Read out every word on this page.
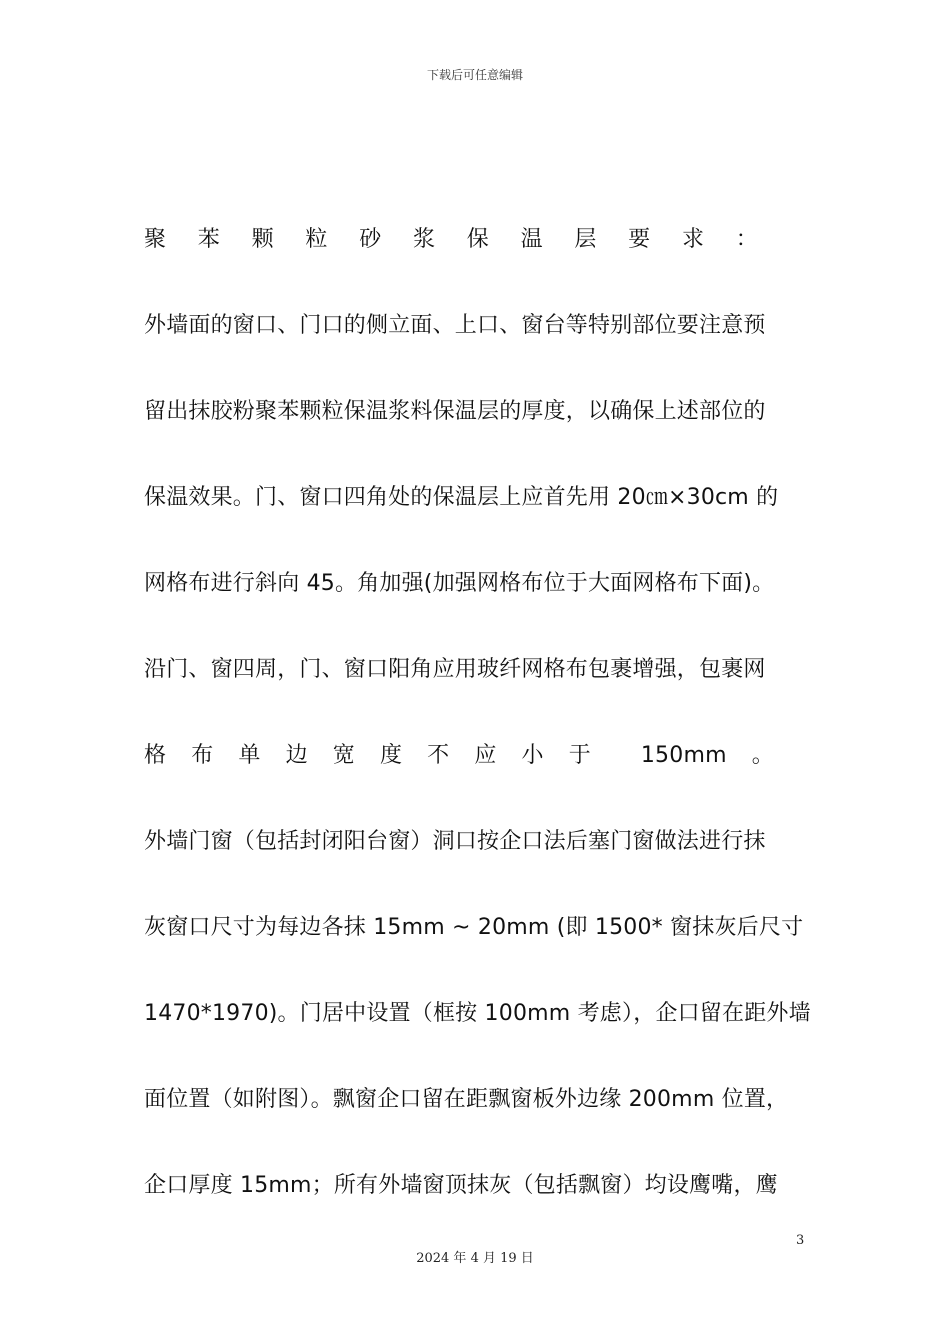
下载后可任意编辑
聚 苯 颗 粒 砂 浆 保 温 层 要 求 ：
外墙面的窗口、门口的侧立面、上口、窗台等特别部位要注意预
留出抹胶粉聚苯颗粒保温浆料保温层的厚度，以确保上述部位的
保温效果。门、窗口四角处的保温层上应首先用 20㎝×30cm 的
网格布进行斜向 45。角加强(加强网格布位于大面网格布下面)。
沿门、窗四周，门、窗口阳角应用玻纤网格布包裹增强，包裹网
格 布 单 边 宽 度 不 应 小 于 150mm 。
外墙门窗（包括封闭阳台窗）洞口按企口法后塞门窗做法进行抹
灰窗口尺寸为每边各抹 15mm ~ 20mm (即 1500* 窗抹灰后尺寸
1470*1970)。门居中设置（框按 100mm 考虑），企口留在距外墙
面位置（如附图）。飘窗企口留在距飘窗板外边缘 200mm 位置，
企口厚度 15mm；所有外墙窗顶抹灰（包括飘窗）均设鹰嘴，鹰
3
2024 年 4 月 19 日
